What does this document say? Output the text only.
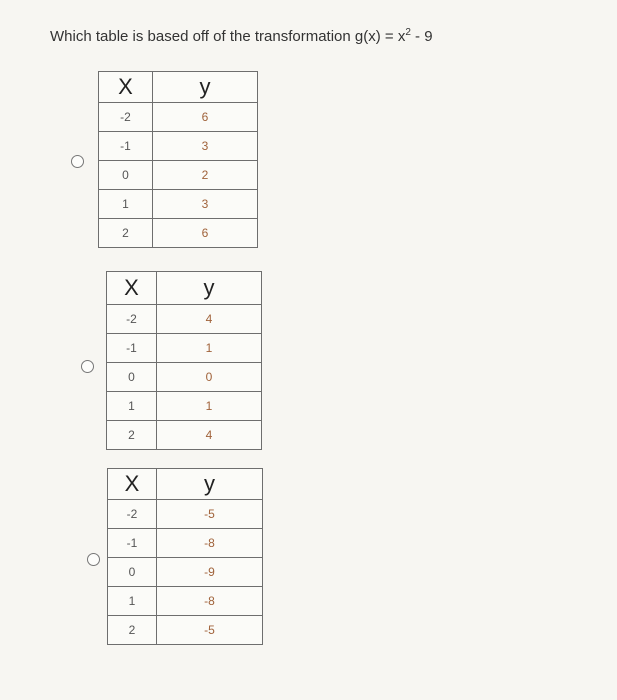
Which table is based off of the transformation $g(x) = x^2 - 9$
X	y
-2	6
-1	3
0	2
1	3
2	6
X	y
-2	4
-1	1
0	0
1	1
2	4
X	y
-2	-5
-1	-8
0	-9
1	-8
2	-5
